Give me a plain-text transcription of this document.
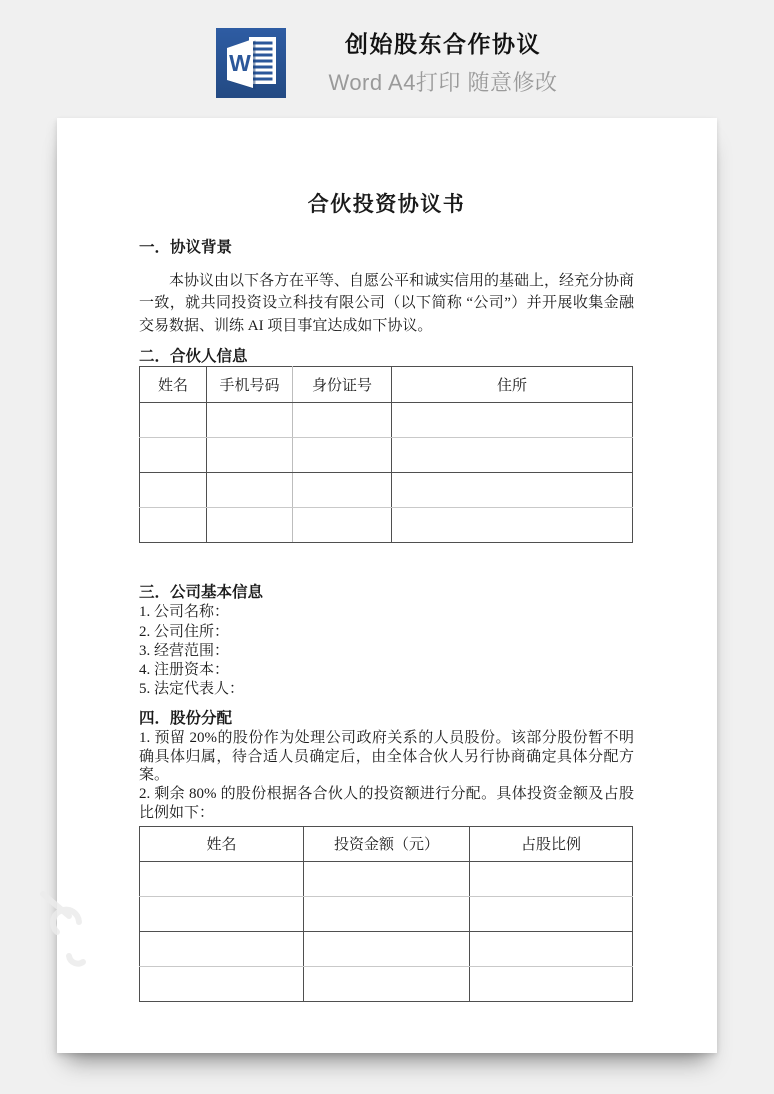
W
创始股东合作协议
Word A4打印 随意修改
合伙投资协议书
一．协议背景
本协议由以下各方在平等、自愿公平和诚实信用的基础上，经充分协商一致，就共同投资设立科技有限公司（以下简称 “公司”）并开展收集金融交易数据、训练 AI 项目事宜达成如下协议。
二．合伙人信息
姓名	手机号码	身份证号	住所

三．公司基本信息
1. 公司名称：
2. 公司住所：
3. 经营范围：
4. 注册资本：
5. 法定代表人：
四．股份分配
1. 预留 20%的股份作为处理公司政府关系的人员股份。该部分股份暂不明确具体归属，待合适人员确定后，由全体合伙人另行协商确定具体分配方案。
2. 剩余 80% 的股份根据各合伙人的投资额进行分配。具体投资金额及占股比例如下：
姓名	投资金额（元）	占股比例
